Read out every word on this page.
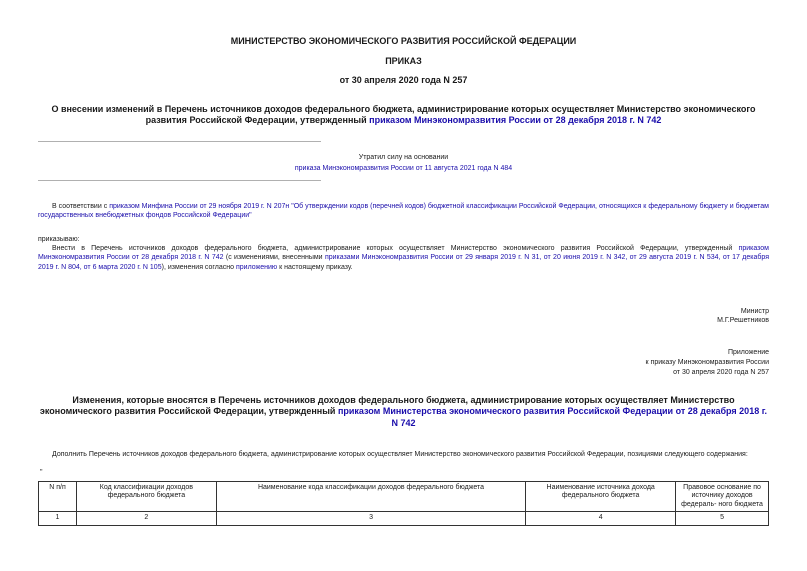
МИНИСТЕРСТВО ЭКОНОМИЧЕСКОГО РАЗВИТИЯ РОССИЙСКОЙ ФЕДЕРАЦИИ
ПРИКАЗ
от 30 апреля 2020 года N 257
О внесении изменений в Перечень источников доходов федерального бюджета, администрирование которых осуществляет Министерство экономического развития Российской Федерации, утвержденный приказом Минэкономразвития России от 28 декабря 2018 г. N 742
Утратил силу на основании
приказа Минэкономразвития России от 11 августа 2021 года N 484
В соответствии с приказом Минфина России от 29 ноября 2019 г. N 207н "Об утверждении кодов (перечней кодов) бюджетной классификации Российской Федерации, относящихся к федеральному бюджету и бюджетам государственных внебюджетных фондов Российской Федерации"
приказываю:
Внести в Перечень источников доходов федерального бюджета, администрирование которых осуществляет Министерство экономического развития Российской Федерации, утвержденный приказом Минэкономразвития России от 28 декабря 2018 г. N 742 (с изменениями, внесенными приказами Минэкономразвития России от 29 января 2019 г. N 31, от 20 июня 2019 г. N 342, от 29 августа 2019 г. N 534, от 17 декабря 2019 г. N 804, от 6 марта 2020 г. N 105), изменения согласно приложению к настоящему приказу.
Министр
М.Г.Решетников
Приложение
к приказу Минэкономразвития России
от 30 апреля 2020 года N 257
Изменения, которые вносятся в Перечень источников доходов федерального бюджета, администрирование которых осуществляет Министерство экономического развития Российской Федерации, утвержденный приказом Министерства экономического развития Российской Федерации от 28 декабря 2018 г. N 742
Дополнить Перечень источников доходов федерального бюджета, администрирование которых осуществляет Министерство экономического развития Российской Федерации, позициями следующего содержания:
"
N п/п	Код классификации доходов федерального бюджета	Наименование кода классификации доходов федерального бюджета	Наименование источника дохода федерального бюджета	Правовое основание по источнику доходов федераль- ного бюджета
1	2	3	4	5
